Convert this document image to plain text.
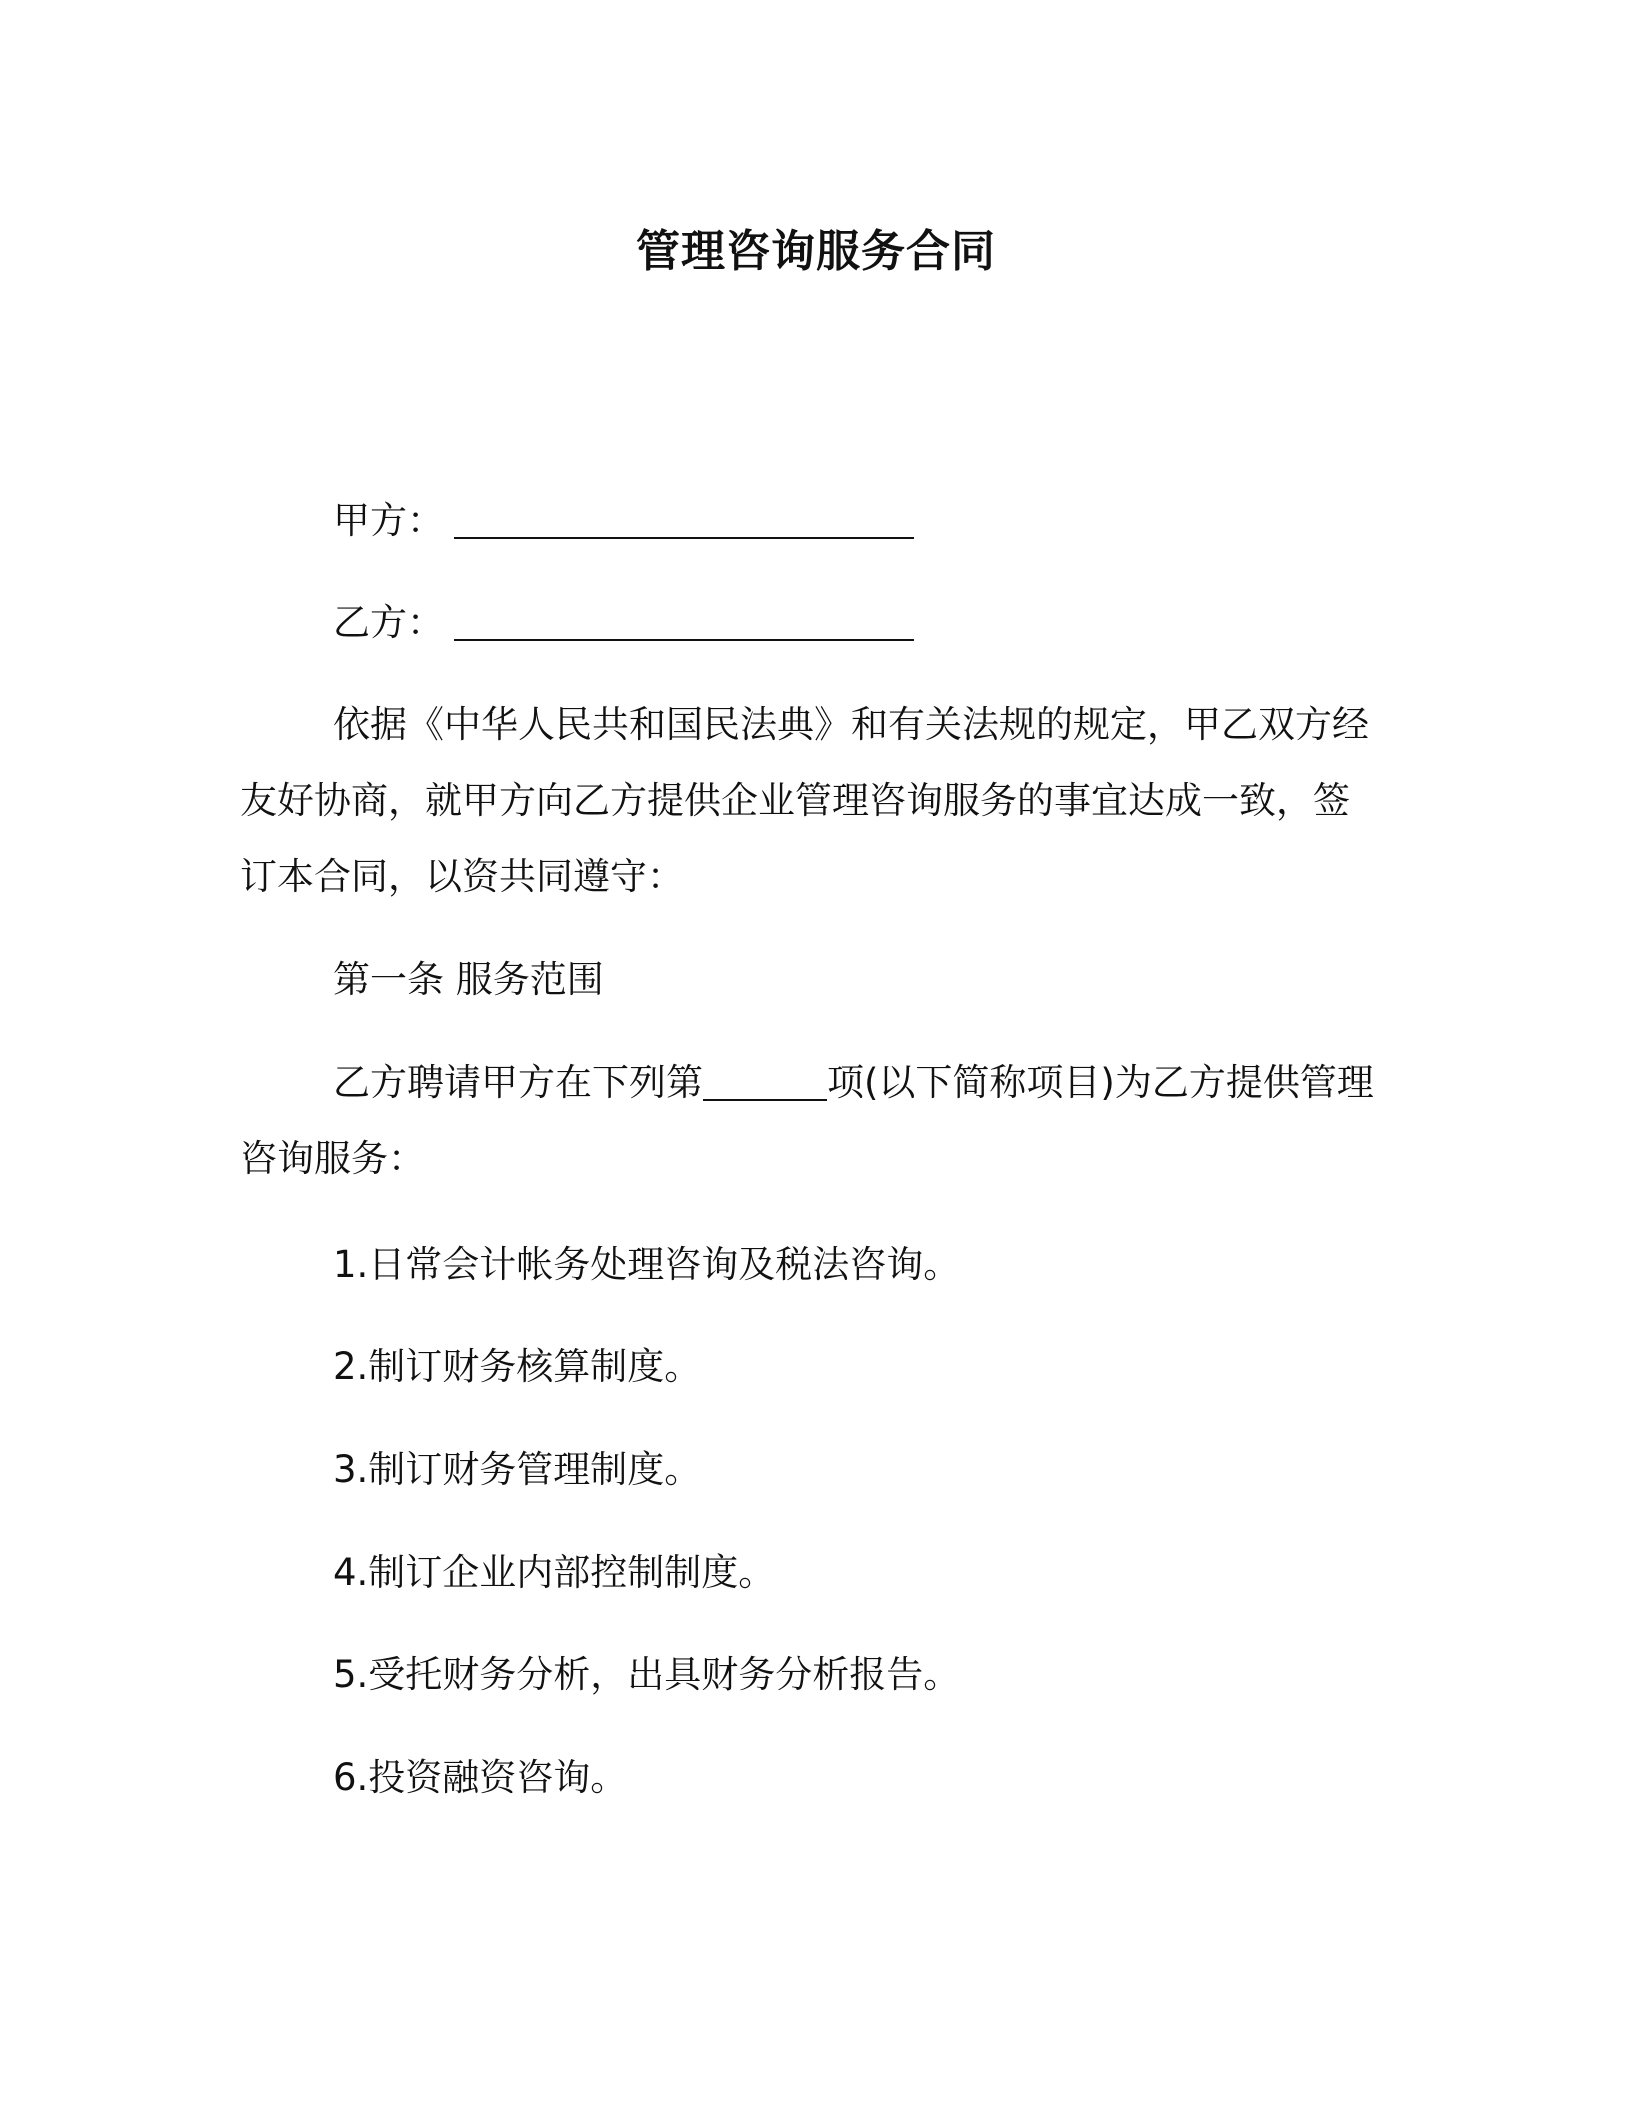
管理咨询服务合同
甲方：
乙方：
依据《中华人民共和国民法典》和有关法规的规定，甲乙双方经
友好协商，就甲方向乙方提供企业管理咨询服务的事宜达成一致，签
订本合同，以资共同遵守：
第一条 服务范围
乙方聘请甲方在下列第	项(以下简称项目)为乙方提供管理
咨询服务：
1.日常会计帐务处理咨询及税法咨询。
2.制订财务核算制度。
3.制订财务管理制度。
4.制订企业内部控制制度。
5.受托财务分析，出具财务分析报告。
6.投资融资咨询。
